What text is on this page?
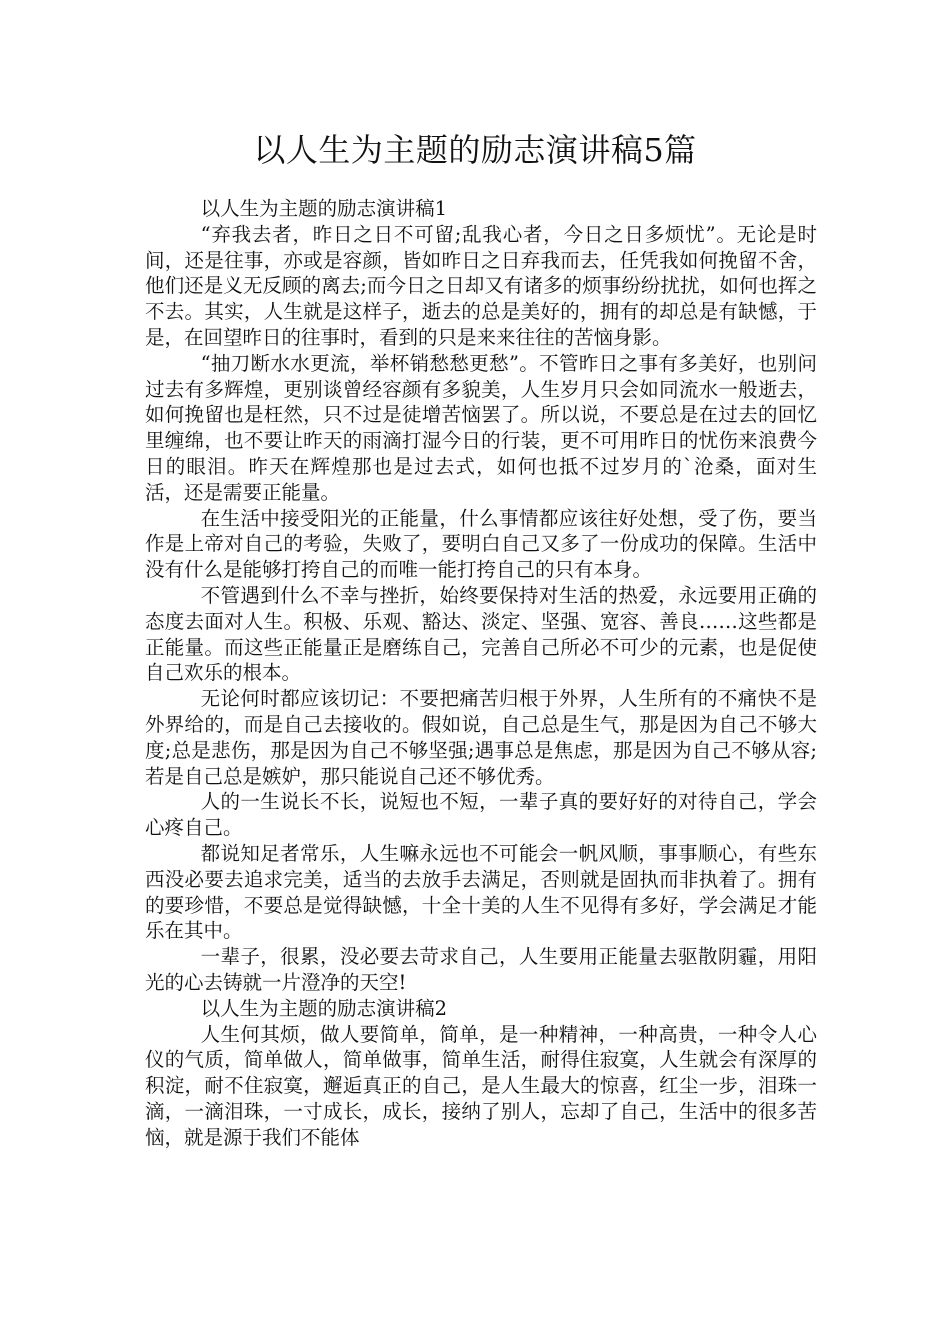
以人生为主题的励志演讲稿5篇

以人生为主题的励志演讲稿1

“弃我去者，昨日之日不可留;乱我心者，今日之日多烦忧”。无论是时间，还是往事，亦或是容颜，皆如昨日之日弃我而去，任凭我如何挽留不舍，他们还是义无反顾的离去;而今日之日却又有诸多的烦事纷纷扰扰，如何也挥之不去。其实，人生就是这样子，逝去的总是美好的，拥有的却总是有缺憾，于是，在回望昨日的往事时，看到的只是来来往往的苦恼身影。

“抽刀断水水更流，举杯销愁愁更愁”。不管昨日之事有多美好，也别问过去有多辉煌，更别谈曾经容颜有多貌美，人生岁月只会如同流水一般逝去，如何挽留也是枉然，只不过是徒增苦恼罢了。所以说，不要总是在过去的回忆里缠绵，也不要让昨天的雨滴打湿今日的行装，更不可用昨日的忧伤来浪费今日的眼泪。昨天在辉煌那也是过去式，如何也抵不过岁月的`沧桑，面对生活，还是需要正能量。

在生活中接受阳光的正能量，什么事情都应该往好处想，受了伤，要当作是上帝对自己的考验，失败了，要明白自己又多了一份成功的保障。生活中没有什么是能够打挎自己的而唯一能打挎自己的只有本身。

不管遇到什么不幸与挫折，始终要保持对生活的热爱，永远要用正确的态度去面对人生。积极、乐观、豁达、淡定、坚强、宽容、善良……这些都是正能量。而这些正能量正是磨练自己，完善自己所必不可少的元素，也是促使自己欢乐的根本。

无论何时都应该切记：不要把痛苦归根于外界，人生所有的不痛快不是外界给的，而是自己去接收的。假如说，自己总是生气，那是因为自己不够大度;总是悲伤，那是因为自己不够坚强;遇事总是焦虑，那是因为自己不够从容;若是自己总是嫉妒，那只能说自己还不够优秀。

人的一生说长不长，说短也不短，一辈子真的要好好的对待自己，学会心疼自己。

都说知足者常乐，人生嘛永远也不可能会一帆风顺，事事顺心，有些东西没必要去追求完美，适当的去放手去满足，否则就是固执而非执着了。拥有的要珍惜，不要总是觉得缺憾，十全十美的人生不见得有多好，学会满足才能乐在其中。

一辈子，很累，没必要去苛求自己，人生要用正能量去驱散阴霾，用阳光的心去铸就一片澄净的天空!

以人生为主题的励志演讲稿2

人生何其烦，做人要简单，简单，是一种精神，一种高贵，一种令人心仪的气质，简单做人，简单做事，简单生活，耐得住寂寞，人生就会有深厚的积淀，耐不住寂寞，邂逅真正的自己，是人生最大的惊喜，红尘一步，泪珠一滴，一滴泪珠，一寸成长，成长，接纳了别人，忘却了自己，生活中的很多苦恼，就是源于我们不能体
